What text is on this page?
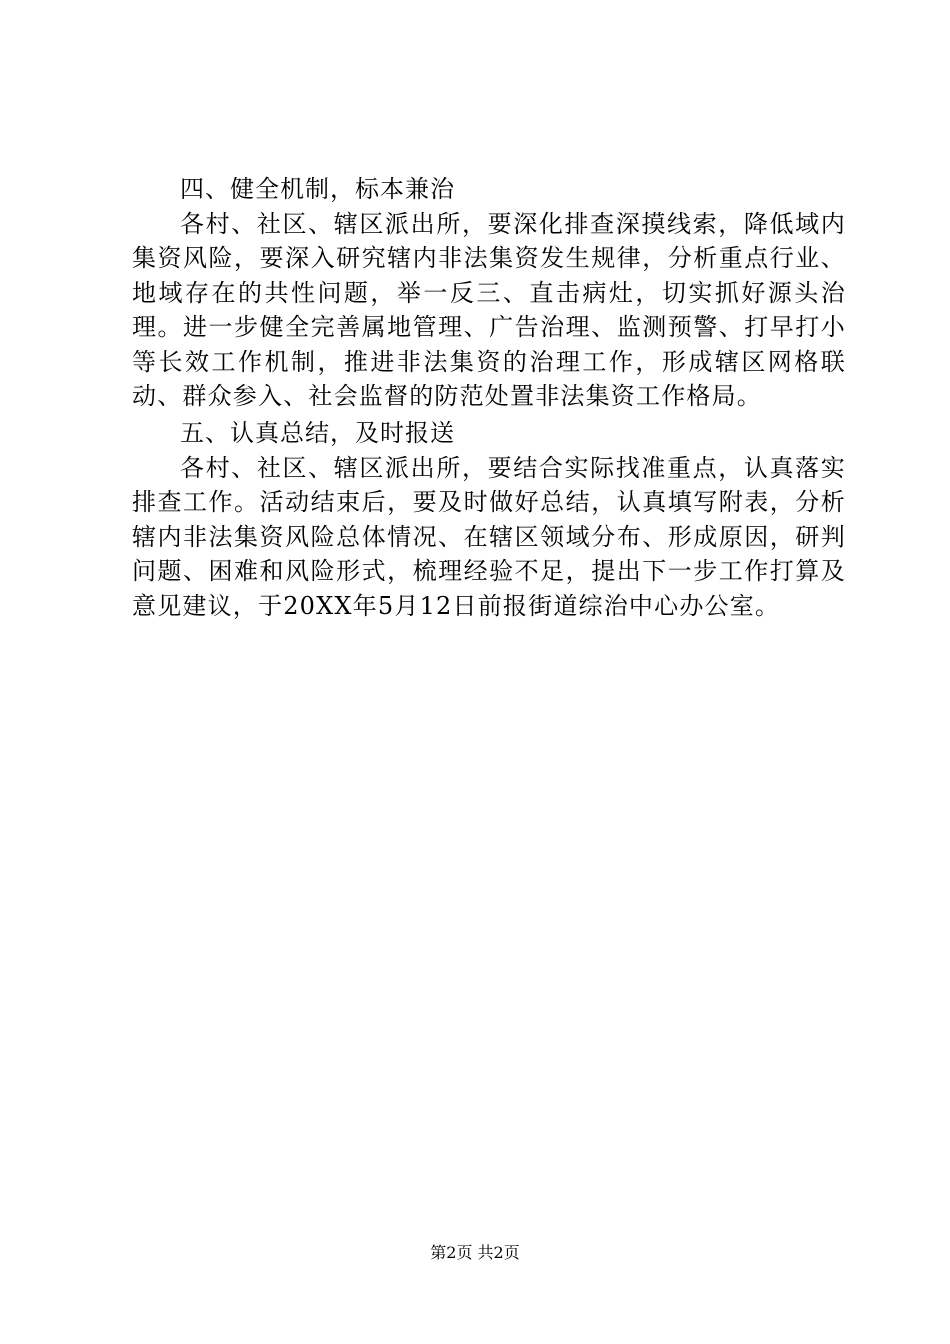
四、健全机制，标本兼治

各村、社区、辖区派出所，要深化排查深摸线索，降低域内集资风险，要深入研究辖内非法集资发生规律，分析重点行业、地域存在的共性问题，举一反三、直击病灶，切实抓好源头治理。进一步健全完善属地管理、广告治理、监测预警、打早打小等长效工作机制，推进非法集资的治理工作，形成辖区网格联动、群众参入、社会监督的防范处置非法集资工作格局。

五、认真总结，及时报送

各村、社区、辖区派出所，要结合实际找准重点，认真落实排查工作。活动结束后，要及时做好总结，认真填写附表，分析辖内非法集资风险总体情况、在辖区领域分布、形成原因，研判问题、困难和风险形式，梳理经验不足，提出下一步工作打算及意见建议，于20XX年5月12日前报街道综治中心办公室。

第2页 共2页
